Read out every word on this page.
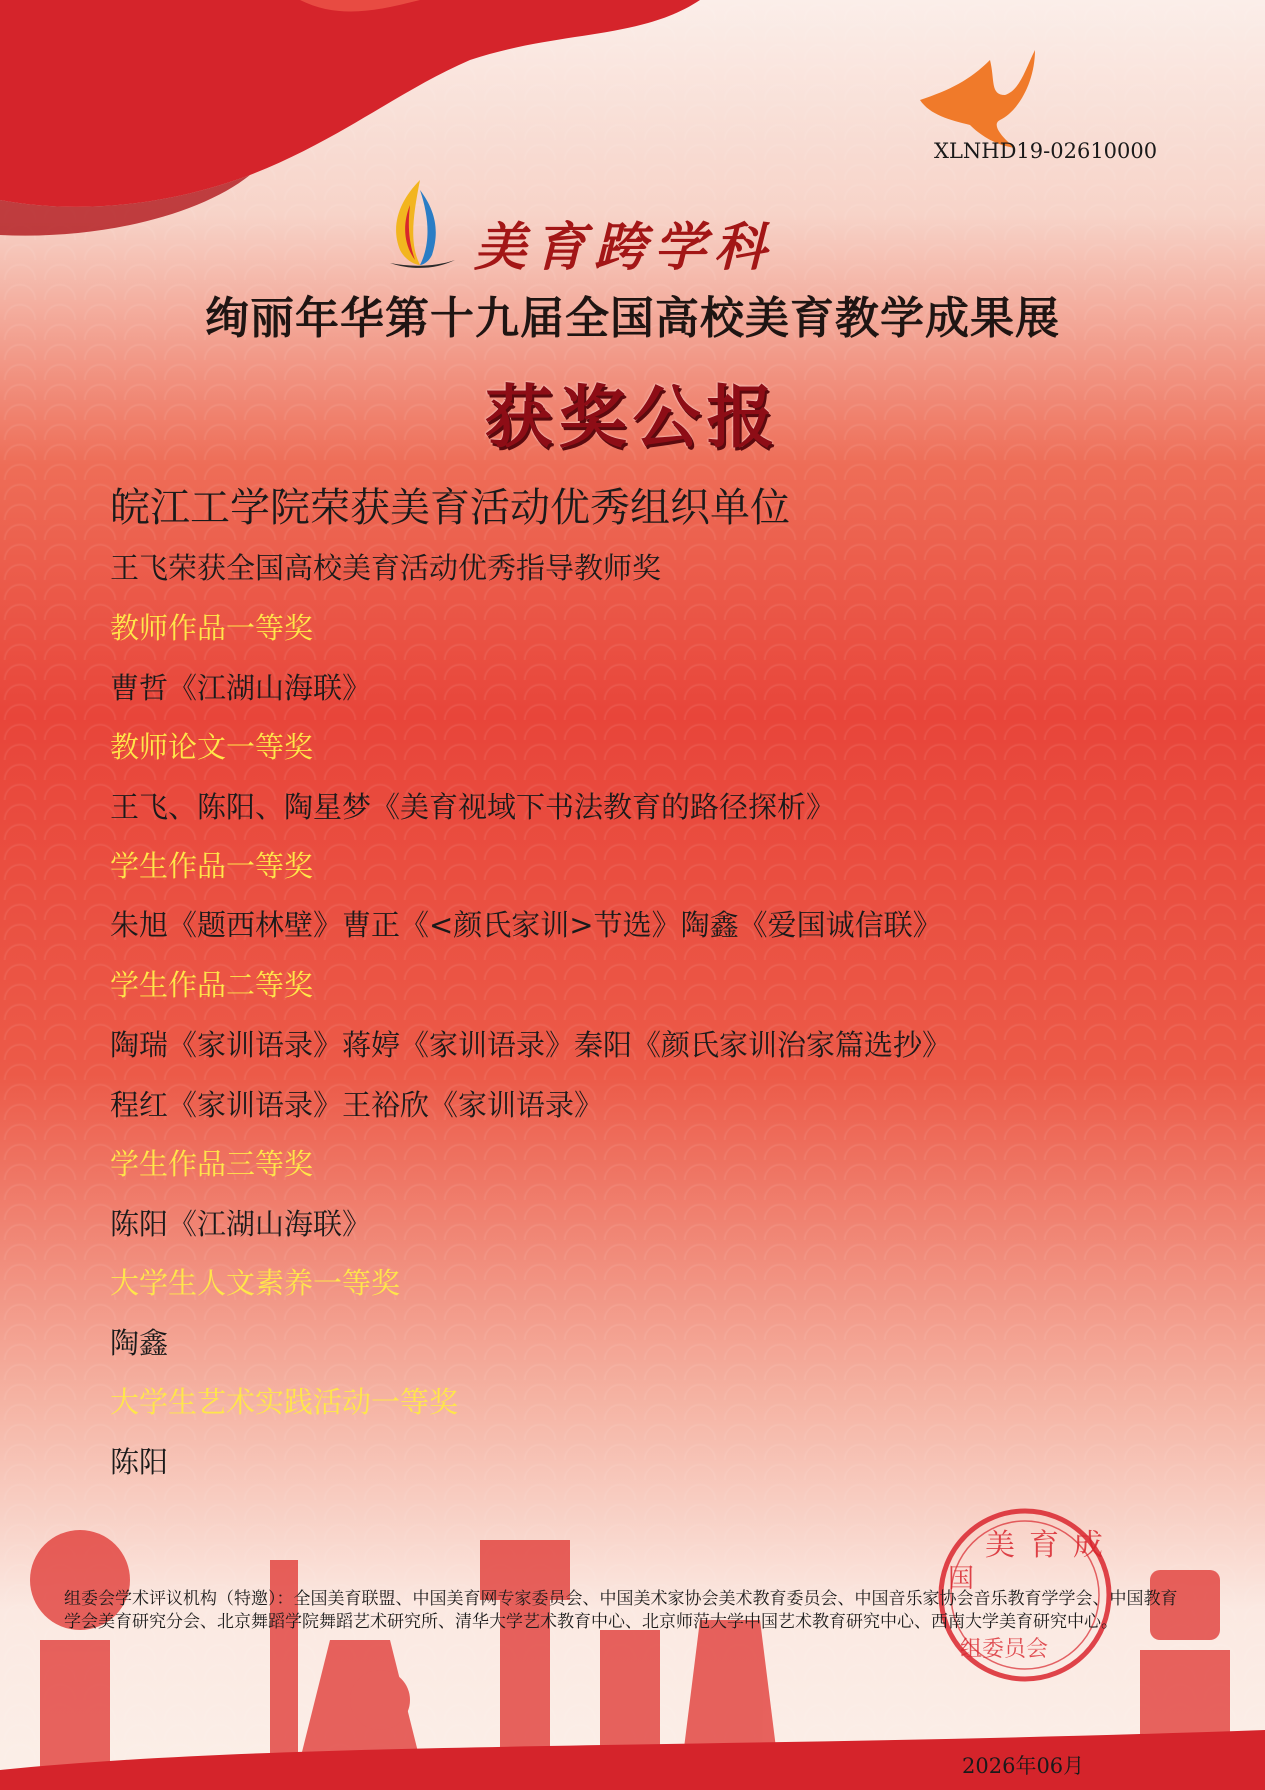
XLNHD19-02610000
美育跨学科
绚丽年华第十九届全国高校美育教学成果展
获奖公报
皖江工学院荣获美育活动优秀组织单位
王飞荣获全国高校美育活动优秀指导教师奖
教师作品一等奖
曹哲《江湖山海联》
教师论文一等奖
王飞、陈阳、陶星梦《美育视域下书法教育的路径探析》
学生作品一等奖
朱旭《题西林壁》曹正《<颜氏家训>节选》陶鑫《爱国诚信联》
学生作品二等奖
陶瑞《家训语录》蒋婷《家训语录》秦阳《颜氏家训治家篇选抄》
程红《家训语录》王裕欣《家训语录》
学生作品三等奖
陈阳《江湖山海联》
大学生人文素养一等奖
陶鑫
大学生艺术实践活动一等奖
陈阳
美育成
国
组委员会
组委会学术评议机构（特邀）：全国美育联盟、中国美育网专家委员会、中国美术家协会美术教育委员会、中国音乐家协会音乐教育学学会、中国教育学会美育研究分会、北京舞蹈学院舞蹈艺术研究所、清华大学艺术教育中心、北京师范大学中国艺术教育研究中心、西南大学美育研究中心。
2026年06月
